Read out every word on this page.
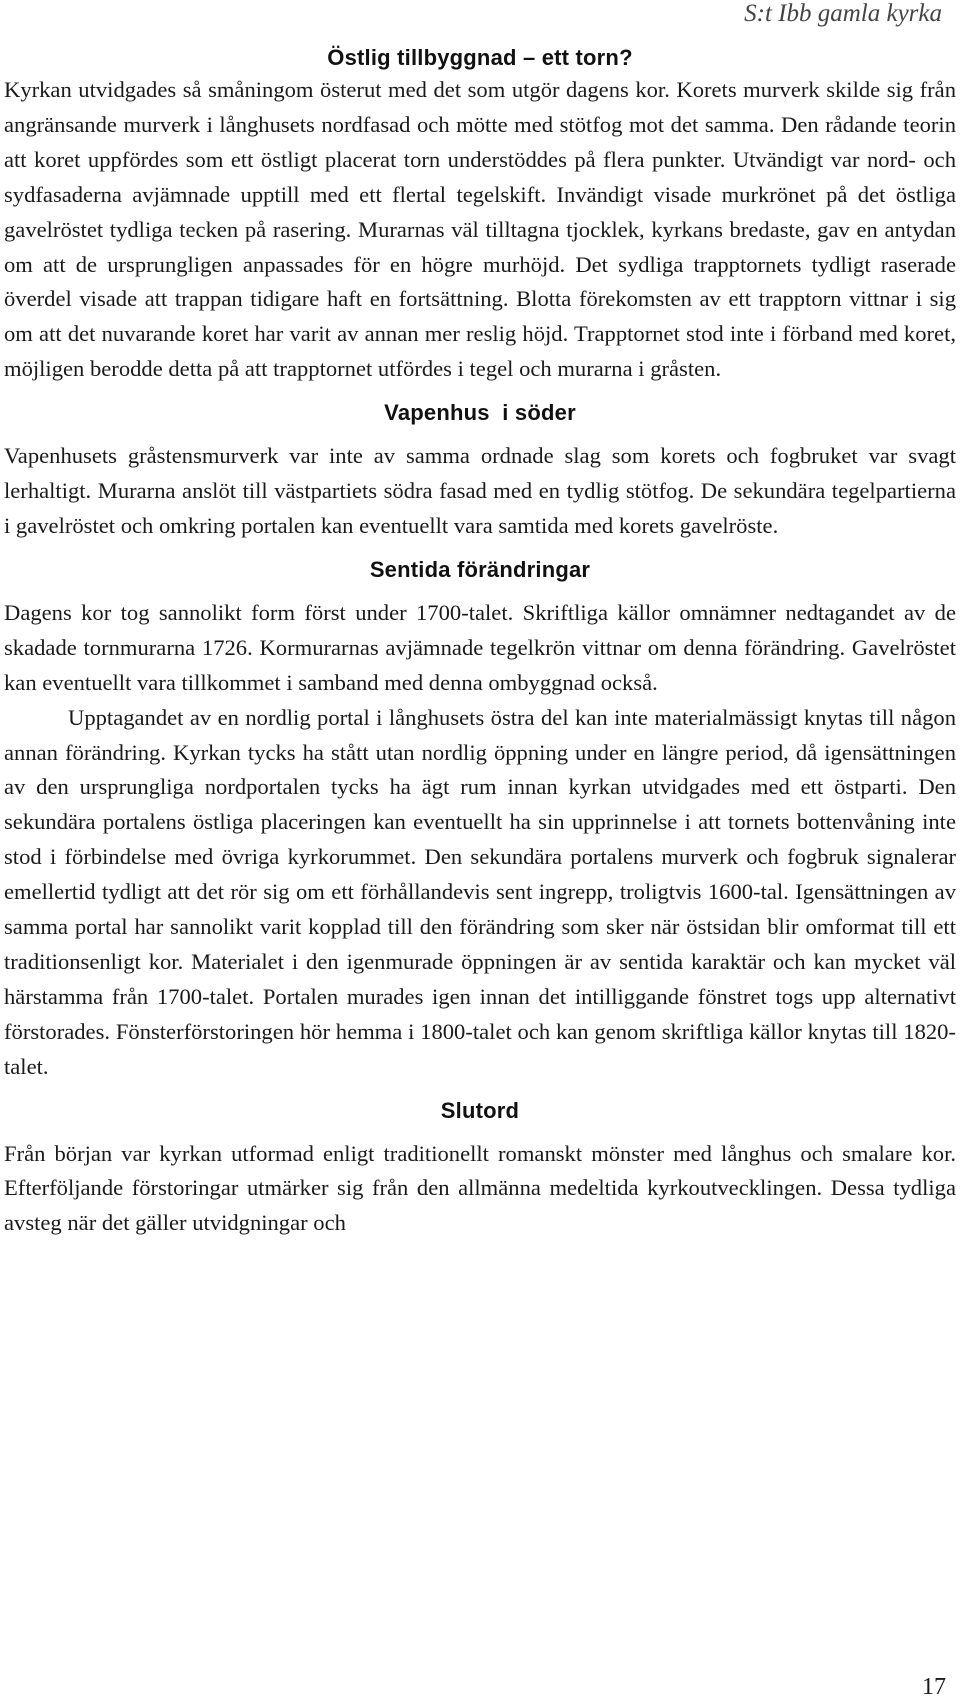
S:t Ibb gamla kyrka
Östlig tillbyggnad – ett torn?

Kyrkan utvidgades så småningom österut med det som utgör dagens kor. Korets murverk skilde sig från angränsande murverk i långhusets nordfasad och mötte med stötfog mot det samma. Den rådande teorin att koret uppfördes som ett östligt placerat torn understöddes på flera punkter. Utvändigt var nord- och sydfasaderna avjämnade upptill med ett flertal tegelskift. Invändigt visade murkrönet på det östliga gavelröstet tydliga tecken på rasering. Murarnas väl tilltagna tjocklek, kyrkans bredaste, gav en antydan om att de ursprungligen anpassades för en högre murhöjd. Det sydliga trapptornets tydligt raserade överdel visade att trappan tidigare haft en fortsättning. Blotta förekomsten av ett trapptorn vittnar i sig om att det nuvarande koret har varit av annan mer reslig höjd. Trapptornet stod inte i förband med koret, möjligen berodde detta på att trapptornet utfördes i tegel och murarna i gråsten.

Vapenhus  i söder

Vapenhusets gråstensmurverk var inte av samma ordnade slag som korets och fogbruket var svagt lerhaltigt. Murarna anslöt till västpartiets södra fasad med en tydlig stötfog. De sekundära tegelpartierna i gavelröstet och omkring portalen kan eventuellt vara samtida med korets gavelröste.

Sentida förändringar

Dagens kor tog sannolikt form först under 1700-talet. Skriftliga källor omnämner nedtagandet av de skadade tornmurarna 1726. Kormurarnas avjämnade tegelkrön vittnar om denna förändring. Gavelröstet kan eventuellt vara tillkommet i samband med denna ombyggnad också.

Upptagandet av en nordlig portal i långhusets östra del kan inte materialmässigt knytas till någon annan förändring. Kyrkan tycks ha stått utan nordlig öppning under en längre period, då igensättningen av den ursprungliga nordportalen tycks ha ägt rum innan kyrkan utvidgades med ett östparti. Den sekundära portalens östliga placeringen kan eventuellt ha sin upprinnelse i att tornets bottenvåning inte stod i förbindelse med övriga kyrkorummet. Den sekundära portalens murverk och fogbruk signalerar emellertid tydligt att det rör sig om ett förhållandevis sent ingrepp, troligtvis 1600-tal. Igensättningen av samma portal har sannolikt varit kopplad till den förändring som sker när östsidan blir omformat till ett traditionsenligt kor. Materialet i den igenmurade öppningen är av sentida karaktär och kan mycket väl härstamma från 1700-talet. Portalen murades igen innan det intilliggande fönstret togs upp alternativt förstorades. Fönsterförstoringen hör hemma i 1800-talet och kan genom skriftliga källor knytas till 1820-talet.

Slutord

Från början var kyrkan utformad enligt traditionellt romanskt mönster med långhus och smalare kor. Efterföljande förstoringar utmärker sig från den allmänna medeltida kyrkoutvecklingen. Dessa tydliga avsteg när det gäller utvidgningar och

17
